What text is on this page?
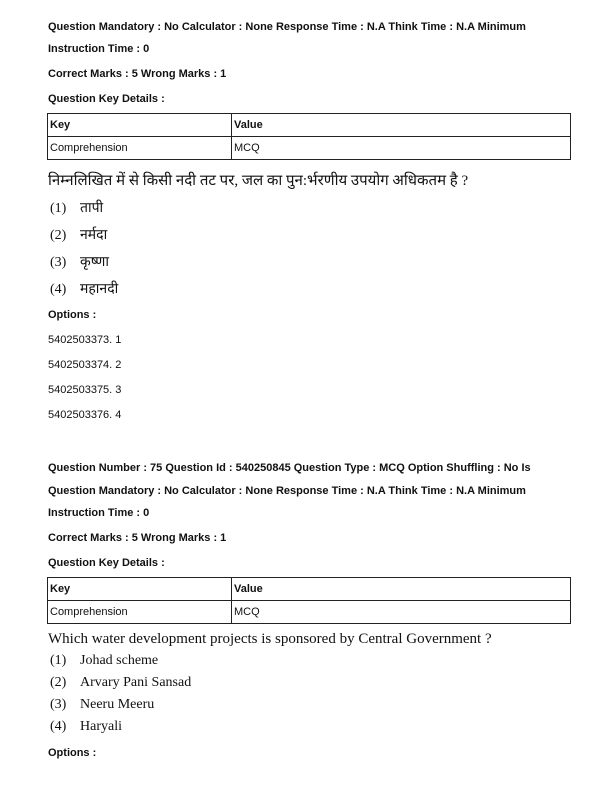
Question Mandatory : No Calculator : None Response Time : N.A Think Time : N.A Minimum
Instruction Time : 0
Correct Marks : 5 Wrong Marks : 1
Question Key Details :
Key	Value
Comprehension	MCQ
निम्नलिखित में से किसी नदी तट पर, जल का पुन:र्भरणीय उपयोग अधिकतम है ?
(1) तापी
(2) नर्मदा
(3) कृष्णा
(4) महानदी
Options :
5402503373. 1
5402503374. 2
5402503375. 3
5402503376. 4
Question Number : 75 Question Id : 540250845 Question Type : MCQ Option Shuffling : No Is
Question Mandatory : No Calculator : None Response Time : N.A Think Time : N.A Minimum
Instruction Time : 0
Correct Marks : 5 Wrong Marks : 1
Question Key Details :
Key	Value
Comprehension	MCQ
Which water development projects is sponsored by Central Government ?
(1) Johad scheme
(2) Arvary Pani Sansad
(3) Neeru Meeru
(4) Haryali
Options :
